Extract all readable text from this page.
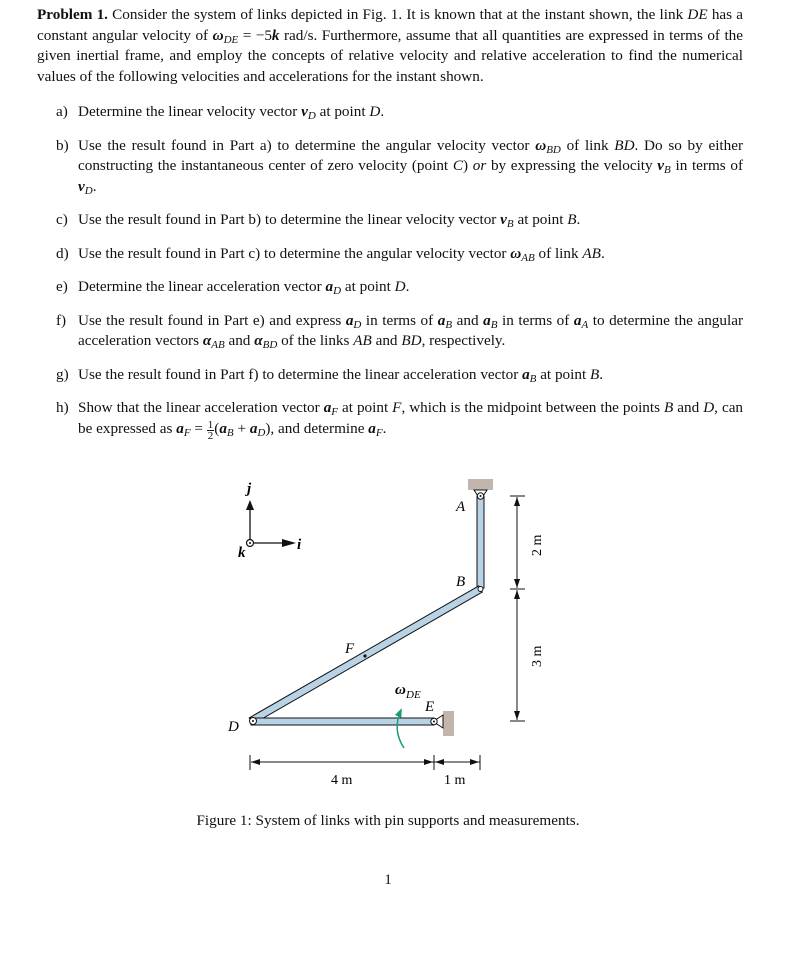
Problem 1. Consider the system of links depicted in Fig. 1. It is known that at the instant shown, the link DE has a constant angular velocity of $\omega_{DE} = -5k$ rad/s. Furthermore, assume that all quantities are expressed in terms of the given inertial frame, and employ the concepts of relative velocity and relative acceleration to find the numerical values of the following velocities and accelerations for the instant shown.
a) Determine the linear velocity vector $v_D$ at point D.
b) Use the result found in Part a) to determine the angular velocity vector $\omega_{BD}$ of link BD. Do so by either constructing the instantaneous center of zero velocity (point C) or by expressing the velocity $v_B$ in terms of $v_D$.
c) Use the result found in Part b) to determine the linear velocity vector $v_B$ at point B.
d) Use the result found in Part c) to determine the angular velocity vector $\omega_{AB}$ of link AB.
e) Determine the linear acceleration vector $a_D$ at point D.
f) Use the result found in Part e) and express $a_D$ in terms of $a_B$ and $a_B$ in terms of $a_A$ to determine the angular acceleration vectors $\alpha_{AB}$ and $\alpha_{BD}$ of the links AB and BD, respectively.
g) Use the result found in Part f) to determine the linear acceleration vector $a_B$ at point B.
h) Show that the linear acceleration vector $a_F$ at point F, which is the midpoint between the points B and D, can be expressed as $a_F = \frac{1}{2} (a_B + a_D)$, and determine $a_F$.
j
i
k
A
B
F
D
E
ω DE
4 m	1 m
2 m
3 m
Figure 1: System of links with pin supports and measurements.
1
